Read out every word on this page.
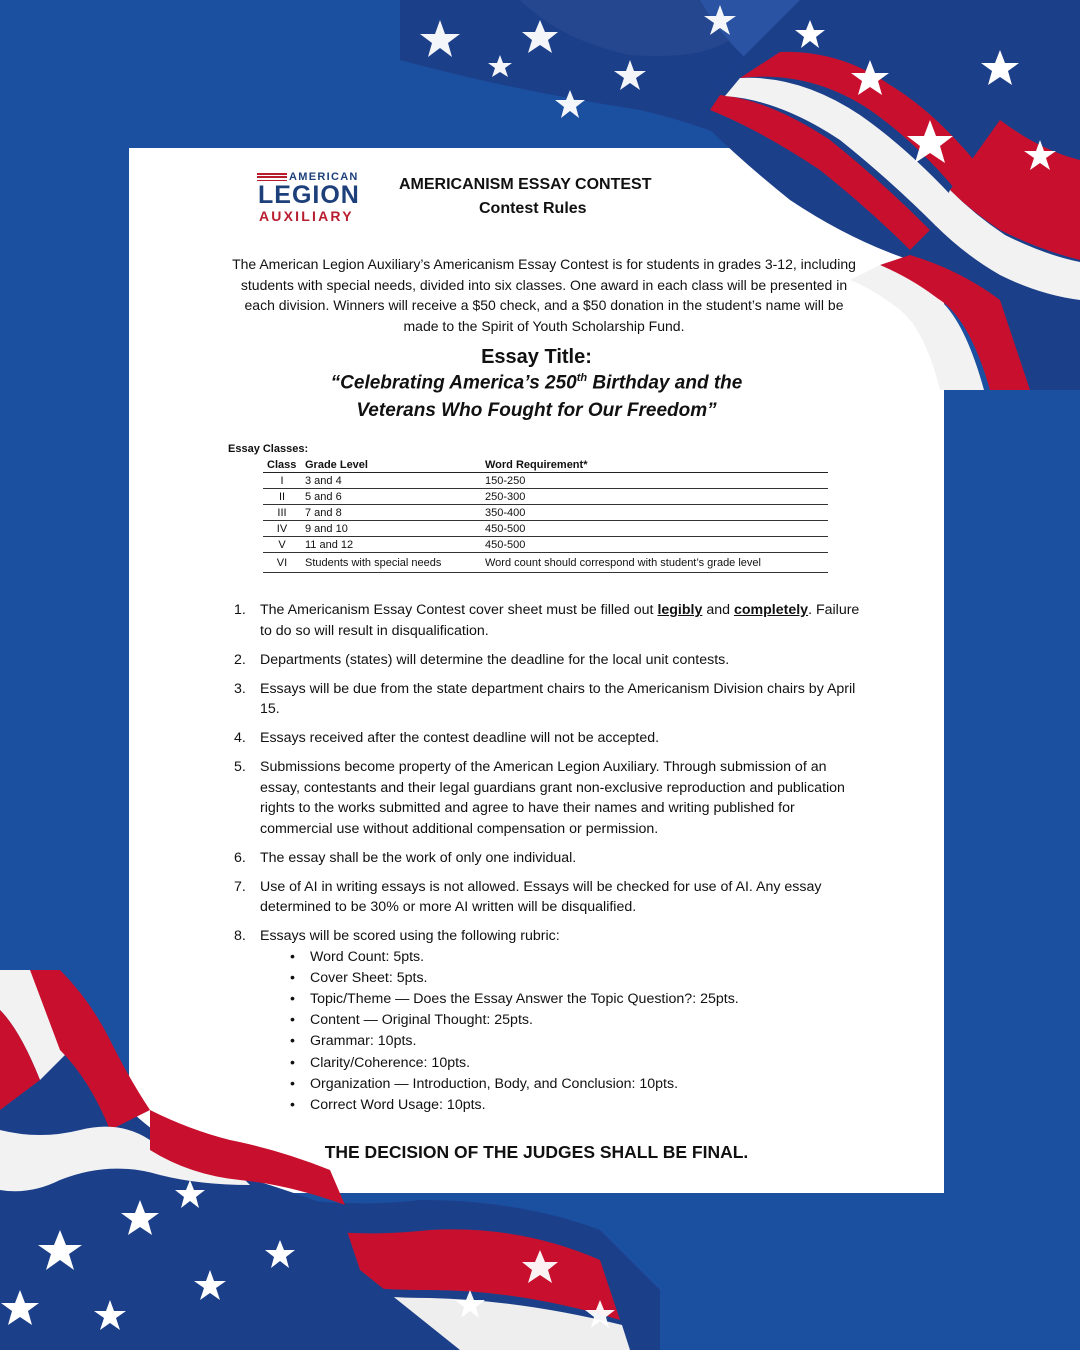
AMERICAN
LEGION
AUXILIARY
AMERICANISM ESSAY CONTEST
Contest Rules
The American Legion Auxiliary’s Americanism Essay Contest is for students in grades 3-12, including students with special needs, divided into six classes. One award in each class will be presented in each division. Winners will receive a $50 check, and a $50 donation in the student’s name will be made to the Spirit of Youth Scholarship Fund.
Essay Title:
“Celebrating America’s 250th Birthday and the
Veterans Who Fought for Our Freedom”
Essay Classes:
Class	Grade Level	Word Requirement*
I	3 and 4	150-250
II	5 and 6	250-300
III	7 and 8	350-400
IV	9 and 10	450-500
V	11 and 12	450-500
VI	Students with special needs	Word count should correspond with student’s grade level
1. The Americanism Essay Contest cover sheet must be filled out legibly and completely. Failure to do so will result in disqualification.
2. Departments (states) will determine the deadline for the local unit contests.
3. Essays will be due from the state department chairs to the Americanism Division chairs by April 15.
4. Essays received after the contest deadline will not be accepted.
5. Submissions become property of the American Legion Auxiliary. Through submission of an essay, contestants and their legal guardians grant non-exclusive reproduction and publication rights to the works submitted and agree to have their names and writing published for commercial use without additional compensation or permission.
6. The essay shall be the work of only one individual.
7. Use of AI in writing essays is not allowed. Essays will be checked for use of AI. Any essay determined to be 30% or more AI written will be disqualified.
8. Essays will be scored using the following rubric:
• Word Count: 5pts.
• Cover Sheet: 5pts.
• Topic/Theme — Does the Essay Answer the Topic Question?: 25pts.
• Content — Original Thought: 25pts.
• Grammar: 10pts.
• Clarity/Coherence: 10pts.
• Organization — Introduction, Body, and Conclusion: 10pts.
• Correct Word Usage: 10pts.
THE DECISION OF THE JUDGES SHALL BE FINAL.
